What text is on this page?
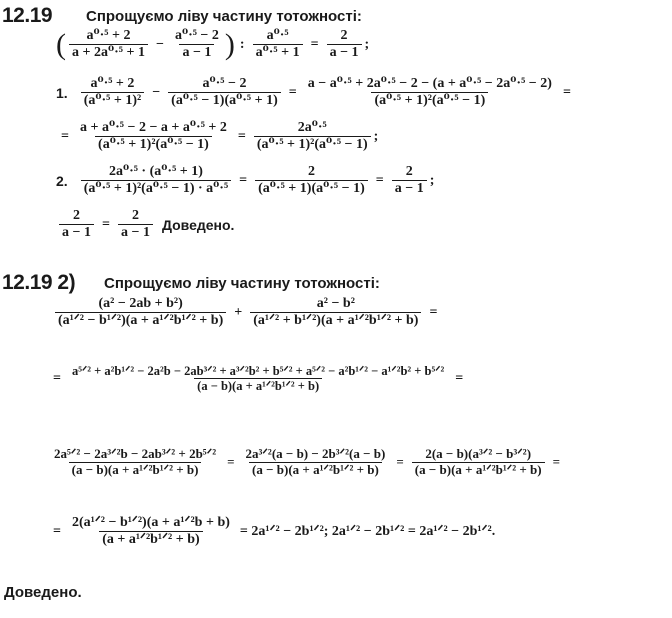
12.19 Спрощуємо ліву частину тотожності:
( $\frac{\text{a⁰·⁵ + 2}}{\text{a + 2a⁰·⁵ + 1}} - \frac{\text{a⁰·⁵ − 2}}{a - 1}$ ) : $\frac{\text{a⁰·⁵}}{\text{a⁰·⁵ + 1}} = \frac{2}{a - 1}$ ;
1. $\frac{\text{a⁰·⁵ + 2}}{\text{(a⁰·⁵ + 1)²}} - \frac{\text{a⁰·⁵ − 2}}{\text{(a⁰·⁵ − 1)(a⁰·⁵ + 1)}} = \frac{\text{a − a⁰·⁵ + 2a⁰·⁵ − 2 − (a + a⁰·⁵ − 2a⁰·⁵ − 2)}}{\text{(a⁰·⁵ + 1)²(a⁰·⁵ − 1)}}$ =
= $\frac{\text{a + a⁰·⁵ − 2 − a + a⁰·⁵ + 2}}{\text{(a⁰·⁵ + 1)²(a⁰·⁵ − 1)}} = \frac{\text{2a⁰·⁵}}{\text{(a⁰·⁵ + 1)²(a⁰·⁵ − 1)}}$ ;
2. $\frac{\text{2a⁰·⁵ · (a⁰·⁵ + 1)}}{\text{(a⁰·⁵ + 1)²(a⁰·⁵ − 1) · a⁰·⁵}} = \frac{2}{\text{(a⁰·⁵ + 1)(a⁰·⁵ − 1)}} = \frac{2}{a - 1}$ ;
$\frac{2}{a - 1} = \frac{2}{a - 1}$ Доведено.
12.19 2) Спрощуємо ліву частину тотожності:
$\frac{\text{(a² − 2ab + b²)}}{\text{(a¹ᐟ² − b¹ᐟ²)(a + a¹ᐟ²b¹ᐟ² + b)}} + \frac{\text{a² − b²}}{\text{(a¹ᐟ² + b¹ᐟ²)(a + a¹ᐟ²b¹ᐟ² + b)}}$ =
= a⁵ᐟ² + a²b¹ᐟ² − 2a²b − 2ab³ᐟ² + a³ᐟ²b² + b⁵ᐟ² + a⁵ᐟ² − a²b¹ᐟ² − a¹ᐟ²b² + b⁵ᐟ²
(a − b)(a + a¹ᐟ²b¹ᐟ² + b)
=
$\frac{\text{2a⁵ᐟ² − 2a³ᐟ²b − 2ab³ᐟ² + 2b⁵ᐟ²}}{\text{(a − b)(a + a¹ᐟ²b¹ᐟ² + b)}} = \frac{\text{2a³ᐟ²(a − b) − 2b³ᐟ²(a − b)}}{\text{(a − b)(a + a¹ᐟ²b¹ᐟ² + b)}} = \frac{\text{2(a − b)(a³ᐟ² − b³ᐟ²)}}{\text{(a − b)(a + a¹ᐟ²b¹ᐟ² + b)}}$ =
= $\frac{\text{2(a¹ᐟ² − b¹ᐟ²)(a + a¹ᐟ²b + b)}}{\text{(a + a¹ᐟ²b¹ᐟ² + b)}}$ = 2a¹ᐟ² − 2b¹ᐟ²; 2a¹ᐟ² − 2b¹ᐟ² = 2a¹ᐟ² − 2b¹ᐟ².
Доведено.
